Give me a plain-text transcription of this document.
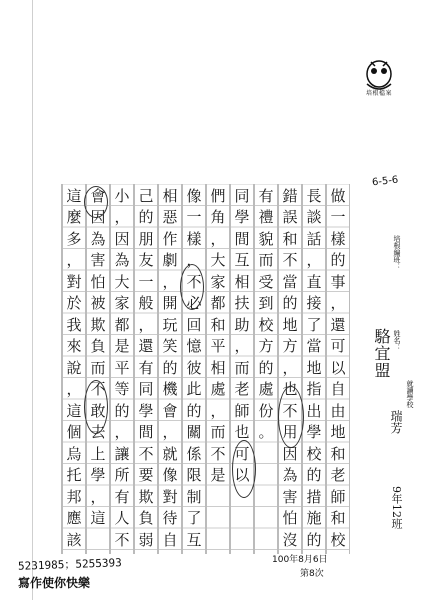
培根檔案
6-5-6
做
一
樣
的
事
，
還
可
以
自
由
地
和
老
師
和
校
長
談
話
，
直
接
了
當
地
指
出
學
校
的
措
施
的
錯
誤
和
不
當
的
地
方
，
也
不
用
因
為
害
怕
沒
有
禮
貌
而
受
到
校
方
的
處
份
。
同
學
間
互
相
扶
助
，
而
老
師
也
可
以
們
角
，
大
家
都
和
平
相
處
，
而
不
是
像
一
樣
，
不
必
回
憶
彼
此
的
關
係
限
制
了
互
相
惡
作
劇
，
開
玩
笑
的
機
會
，
就
像
對
待
自
己
的
朋
友
一
般
，
還
有
同
學
間
不
要
欺
負
弱
小
，
因
為
大
家
都
是
平
等
的
，
讓
所
有
人
不
會
因
為
害
怕
被
欺
負
而
不
敢
去
上
學
，
這
這
麼
多
，
對
於
我
來
說
，
這
個
烏
托
邦
應
該
培根編班：
姓名：
駱宜盟
就讀學校
瑞芳
9年12班
100年8月6日
第8次
5231985；5255393
寫作使你快樂
